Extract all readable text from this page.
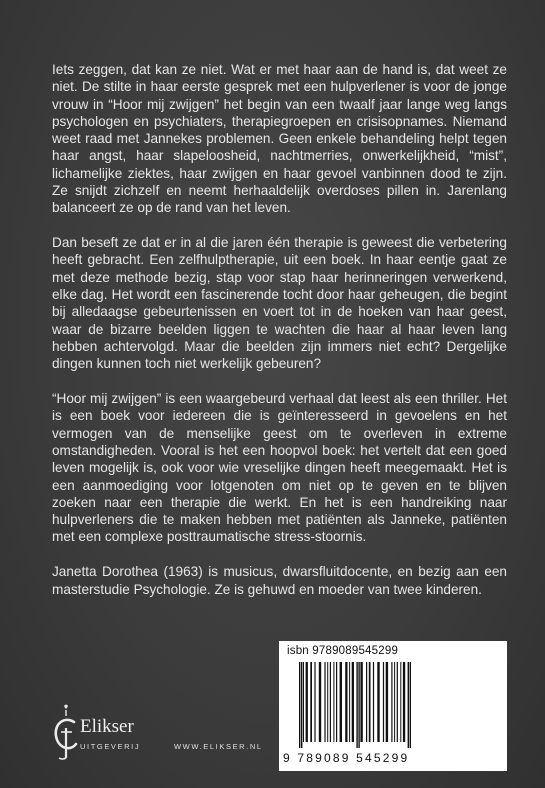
Iets zeggen, dat kan ze niet. Wat er met haar aan de hand is, dat weet ze niet. De stilte in haar eerste gesprek met een hulpverlener is voor de jonge vrouw in “Hoor mij zwijgen” het begin van een twaalf jaar lange weg langs psychologen en psychiaters, therapiegroepen en crisisopnames. Niemand weet raad met Jannekes problemen. Geen enkele behandeling helpt tegen haar angst, haar slapeloosheid, nachtmerries, onwerkelijkheid, “mist”, lichamelijke ziektes, haar zwijgen en haar gevoel vanbinnen dood te zijn. Ze snijdt zichzelf en neemt herhaaldelijk overdoses pillen in. Jarenlang balanceert ze op de rand van het leven.

Dan beseft ze dat er in al die jaren één therapie is geweest die verbetering heeft gebracht. Een zelfhulptherapie, uit een boek. In haar eentje gaat ze met deze methode bezig, stap voor stap haar herinneringen verwerkend, elke dag. Het wordt een fascinerende tocht door haar geheugen, die begint bij alledaagse gebeurtenissen en voert tot in de hoeken van haar geest, waar de bizarre beelden liggen te wachten die haar al haar leven lang hebben achtervolgd. Maar die beelden zijn immers niet echt? Dergelijke dingen kunnen toch niet werkelijk gebeuren?

“Hoor mij zwijgen” is een waargebeurd verhaal dat leest als een thriller. Het is een boek voor iedereen die is geïnteresseerd in gevoelens en het vermogen van de menselijke geest om te overleven in extreme omstandigheden. Vooral is het een hoopvol boek: het vertelt dat een goed leven mogelijk is, ook voor wie vreselijke dingen heeft meegemaakt. Het is een aanmoediging voor lotgenoten om niet op te geven en te blijven zoeken naar een therapie die werkt. En het is een handreiking naar hulpverleners die te maken hebben met patiënten als Janneke, patiënten met een complexe posttraumatische stress-stoornis.

Janetta Dorothea (1963) is musicus, dwarsfluitdocente, en bezig aan een masterstudie Psychologie. Ze is gehuwd en moeder van twee kinderen.

Elikser
UITGEVERIJ	WWW.ELIKSER.NL
isbn 9789089545299
9 789089 545299
